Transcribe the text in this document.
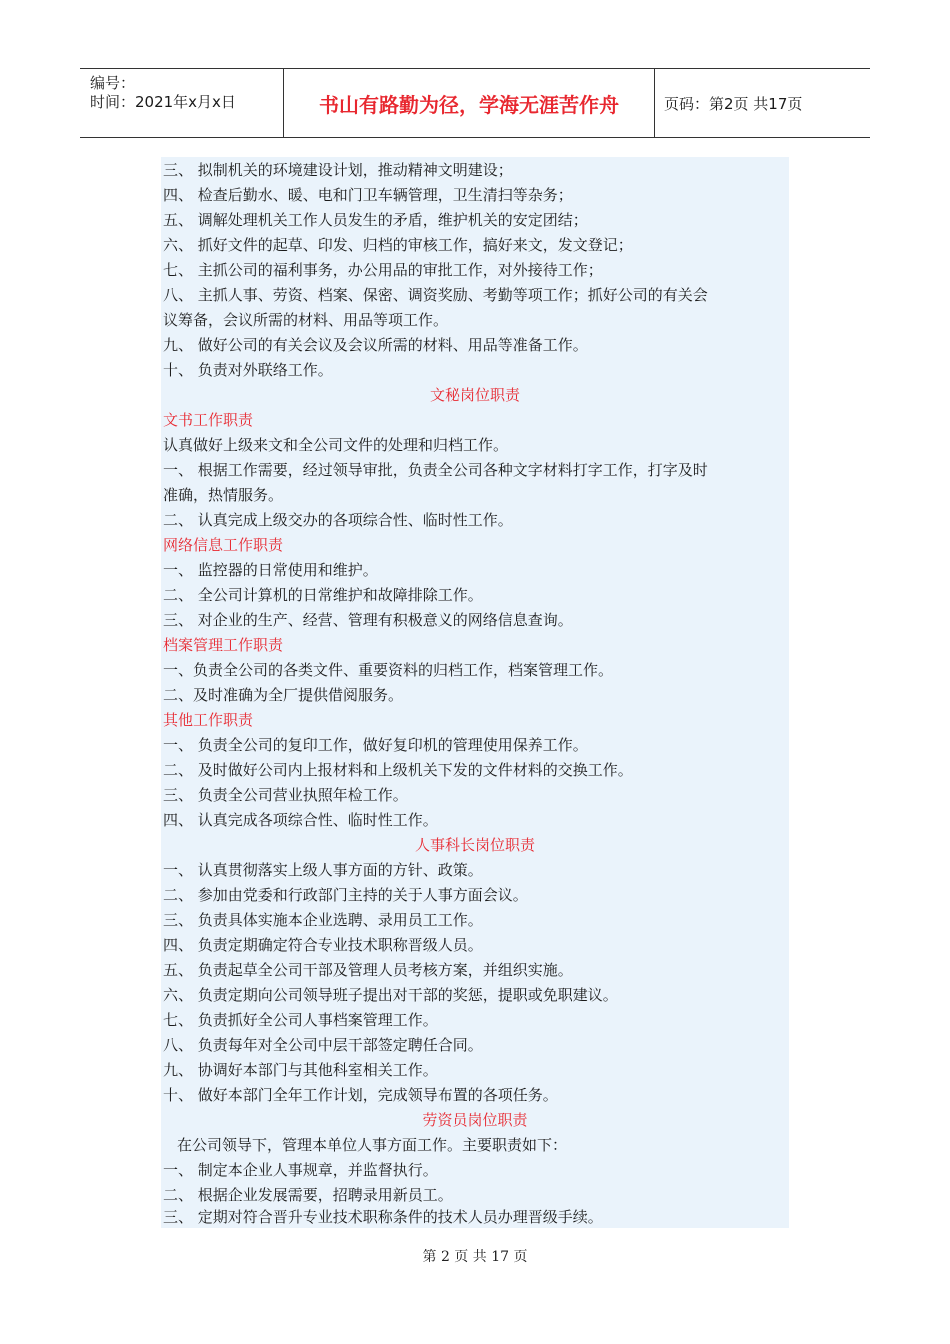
编号：
时间：2021年x月x日	书山有路勤为径，学海无涯苦作舟	页码：第2页 共17页
三、 拟制机关的环境建设计划，推动精神文明建设；
四、 检查后勤水、暖、电和门卫车辆管理，卫生清扫等杂务；
五、 调解处理机关工作人员发生的矛盾，维护机关的安定团结；
六、 抓好文件的起草、印发、归档的审核工作，搞好来文，发文登记；
七、 主抓公司的福利事务，办公用品的审批工作，对外接待工作；
八、 主抓人事、劳资、档案、保密、调资奖励、考勤等项工作；抓好公司的有关会
议筹备，会议所需的材料、用品等项工作。
九、 做好公司的有关会议及会议所需的材料、用品等准备工作。
十、 负责对外联络工作。
文秘岗位职责
文书工作职责
认真做好上级来文和全公司文件的处理和归档工作。
一、 根据工作需要，经过领导审批，负责全公司各种文字材料打字工作，打字及时
准确，热情服务。
二、 认真完成上级交办的各项综合性、临时性工作。
网络信息工作职责
一、 监控器的日常使用和维护。
二、 全公司计算机的日常维护和故障排除工作。
三、 对企业的生产、经营、管理有积极意义的网络信息查询。
档案管理工作职责
一、负责全公司的各类文件、重要资料的归档工作，档案管理工作。
二、及时准确为全厂提供借阅服务。
其他工作职责
一、 负责全公司的复印工作，做好复印机的管理使用保养工作。
二、 及时做好公司内上报材料和上级机关下发的文件材料的交换工作。
三、 负责全公司营业执照年检工作。
四、 认真完成各项综合性、临时性工作。
人事科长岗位职责
一、 认真贯彻落实上级人事方面的方针、政策。
二、 参加由党委和行政部门主持的关于人事方面会议。
三、 负责具体实施本企业选聘、录用员工工作。
四、 负责定期确定符合专业技术职称晋级人员。
五、 负责起草全公司干部及管理人员考核方案，并组织实施。
六、 负责定期向公司领导班子提出对干部的奖惩，提职或免职建议。
七、 负责抓好全公司人事档案管理工作。
八、 负责每年对全公司中层干部签定聘任合同。
九、 协调好本部门与其他科室相关工作。
十、 做好本部门全年工作计划，完成领导布置的各项任务。
劳资员岗位职责
在公司领导下，管理本单位人事方面工作。主要职责如下：
一、 制定本企业人事规章，并监督执行。
二、 根据企业发展需要，招聘录用新员工。
三、 定期对符合晋升专业技术职称条件的技术人员办理晋级手续。
第 2 页 共 17 页
